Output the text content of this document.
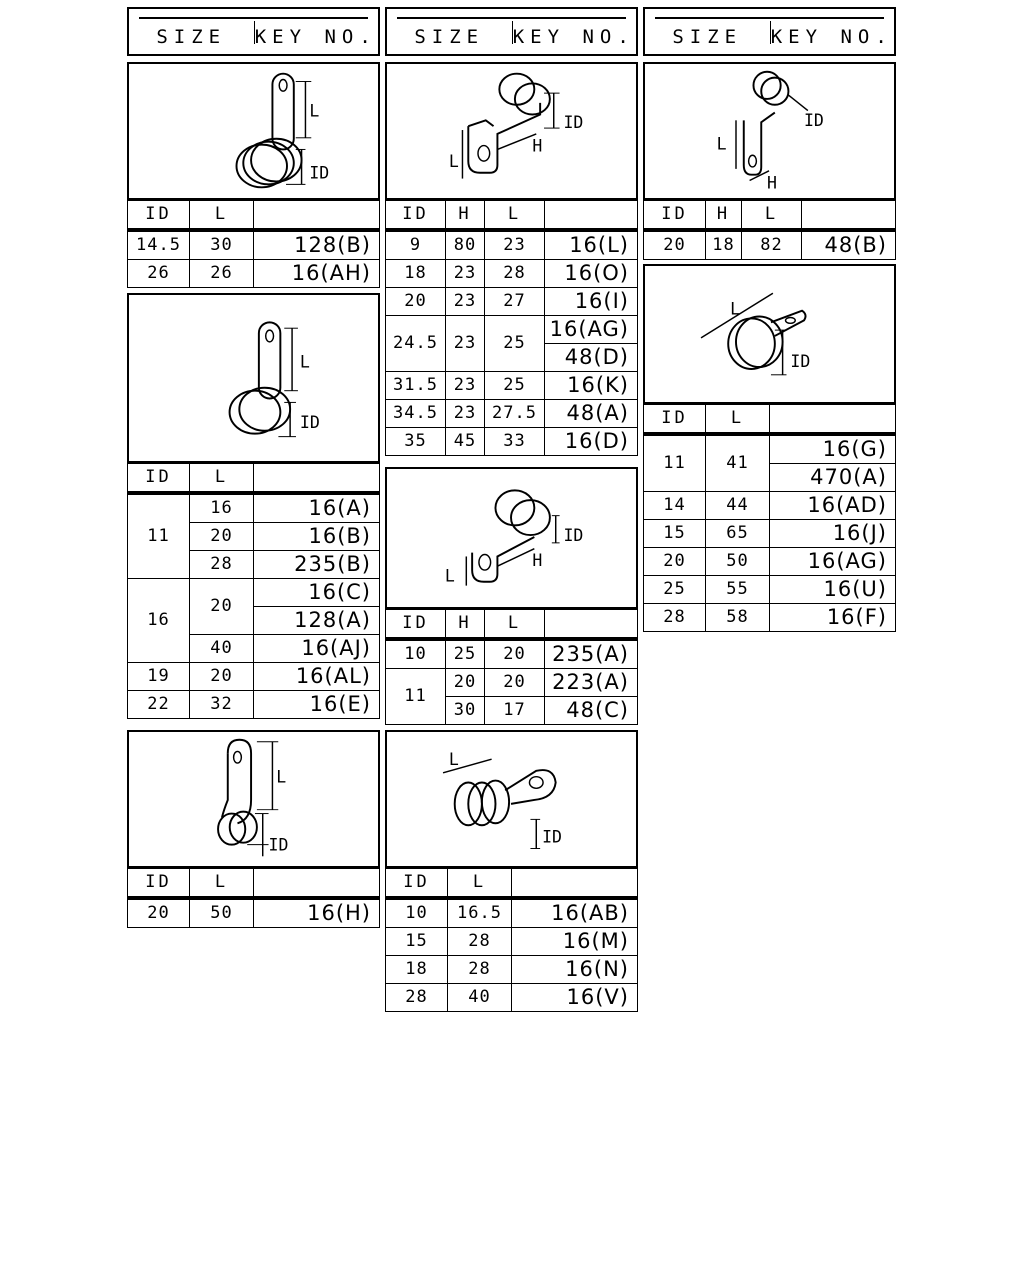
SIZE	KEY NO.	SIZE	KEY NO.	SIZE	KEY NO.
L
ID
ID	L	
14.5	30	128(B)
26	26	16(AH)
L
ID
ID	L	
11	16	16(A)
	20	16(B)
	28	235(B)
16	20	16(C)
		128(A)
	40	16(AJ)
19	20	16(AL)
22	32	16(E)
L
ID
ID	L	
20	50	16(H)
L
H
ID
ID	H	L	
9	80	23	16(L)
18	23	28	16(O)
20	23	27	16(I)
24.5	23	25	16(AG)
			48(D)
31.5	23	25	16(K)
34.5	23	27.5	48(A)
35	45	33	16(D)
L
H
ID
ID	H	L	
10	25	20	235(A)
11	20	20	223(A)
	30	17	48(C)
L
ID
ID	L	
10	16.5	16(AB)
15	28	16(M)
18	28	16(N)
28	40	16(V)
L
H
ID
ID	H	L	
20	18	82	48(B)
L
ID
ID	L	
11	41	16(G)
		470(A)
14	44	16(AD)
15	65	16(J)
20	50	16(AG)
25	55	16(U)
28	58	16(F)
